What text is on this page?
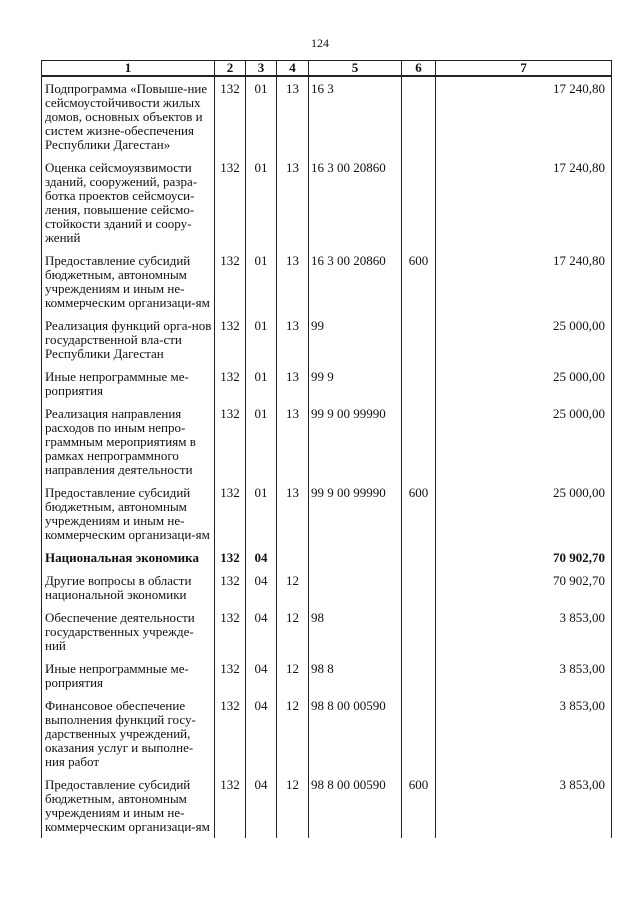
124
1	2	3	4	5	6	7
Подпрограмма «Повыше-ние сейсмоустойчивости жилых домов, основных объектов и систем жизне-обеспечения Республики Дагестан»	132	01	13	16 3		17 240,80
Оценка сейсмоуязвимости зданий, сооружений, разра-ботка проектов сейсмоуси-ления, повышение сейсмо-стойкости зданий и соору-жений	132	01	13	16 3 00 20860		17 240,80
Предоставление субсидий бюджетным, автономным учреждениям и иным не-коммерческим организаци-ям	132	01	13	16 3 00 20860	600	17 240,80
Реализация функций орга-нов государственной вла-сти Республики Дагестан	132	01	13	99		25 000,00
Иные непрограммные ме-роприятия	132	01	13	99 9		25 000,00
Реализация направления расходов по иным непро-граммным мероприятиям в рамках непрограммного направления деятельности	132	01	13	99 9 00 99990		25 000,00
Предоставление субсидий бюджетным, автономным учреждениям и иным не-коммерческим организаци-ям	132	01	13	99 9 00 99990	600	25 000,00
Национальная экономика	132	04				70 902,70
Другие вопросы в области национальной экономики	132	04	12			70 902,70
Обеспечение деятельности государственных учрежде-ний	132	04	12	98		3 853,00
Иные непрограммные ме-роприятия	132	04	12	98 8		3 853,00
Финансовое обеспечение выполнения функций госу-дарственных учреждений, оказания услуг и выполне-ния работ	132	04	12	98 8 00 00590		3 853,00
Предоставление субсидий бюджетным, автономным учреждениям и иным не-коммерческим организаци-ям	132	04	12	98 8 00 00590	600	3 853,00
